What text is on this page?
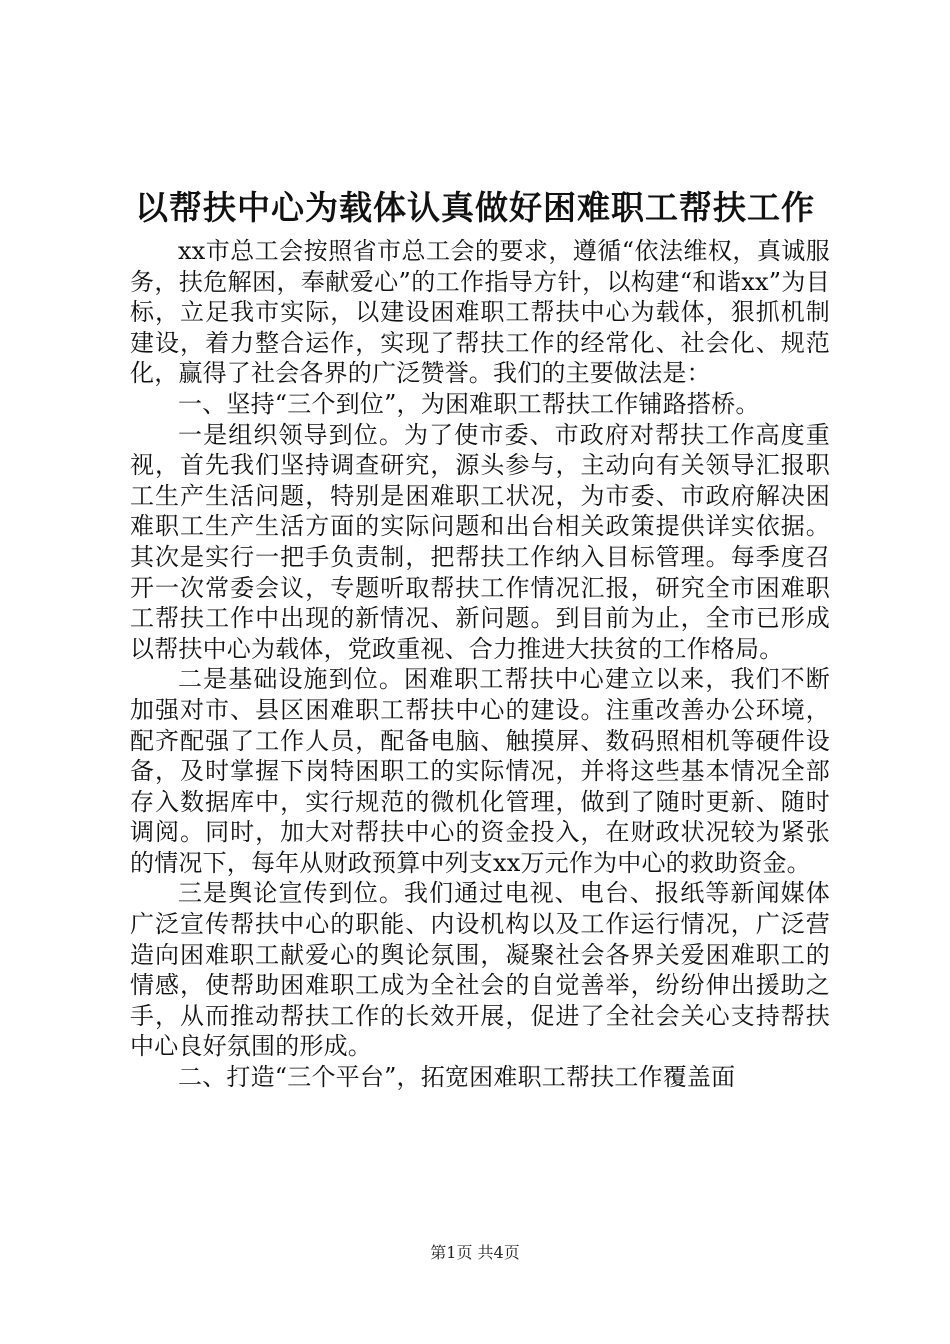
以帮扶中心为载体认真做好困难职工帮扶工作

xx市总工会按照省市总工会的要求，遵循“依法维权，真诚服务，扶危解困，奉献爱心”的工作指导方针，以构建“和谐xx”为目标，立足我市实际，以建设困难职工帮扶中心为载体，狠抓机制建设，着力整合运作，实现了帮扶工作的经常化、社会化、规范化，赢得了社会各界的广泛赞誉。我们的主要做法是：

一、坚持“三个到位”，为困难职工帮扶工作铺路搭桥。

一是组织领导到位。为了使市委、市政府对帮扶工作高度重视，首先我们坚持调查研究，源头参与，主动向有关领导汇报职工生产生活问题，特别是困难职工状况，为市委、市政府解决困难职工生产生活方面的实际问题和出台相关政策提供详实依据。其次是实行一把手负责制，把帮扶工作纳入目标管理。每季度召开一次常委会议，专题听取帮扶工作情况汇报，研究全市困难职工帮扶工作中出现的新情况、新问题。到目前为止，全市已形成以帮扶中心为载体，党政重视、合力推进大扶贫的工作格局。

二是基础设施到位。困难职工帮扶中心建立以来，我们不断加强对市、县区困难职工帮扶中心的建设。注重改善办公环境，配齐配强了工作人员，配备电脑、触摸屏、数码照相机等硬件设备，及时掌握下岗特困职工的实际情况，并将这些基本情况全部存入数据库中，实行规范的微机化管理，做到了随时更新、随时调阅。同时，加大对帮扶中心的资金投入，在财政状况较为紧张的情况下，每年从财政预算中列支xx万元作为中心的救助资金。

三是舆论宣传到位。我们通过电视、电台、报纸等新闻媒体广泛宣传帮扶中心的职能、内设机构以及工作运行情况，广泛营造向困难职工献爱心的舆论氛围，凝聚社会各界关爱困难职工的情感，使帮助困难职工成为全社会的自觉善举，纷纷伸出援助之手，从而推动帮扶工作的长效开展，促进了全社会关心支持帮扶中心良好氛围的形成。

二、打造“三个平台”，拓宽困难职工帮扶工作覆盖面

第1页 共4页
